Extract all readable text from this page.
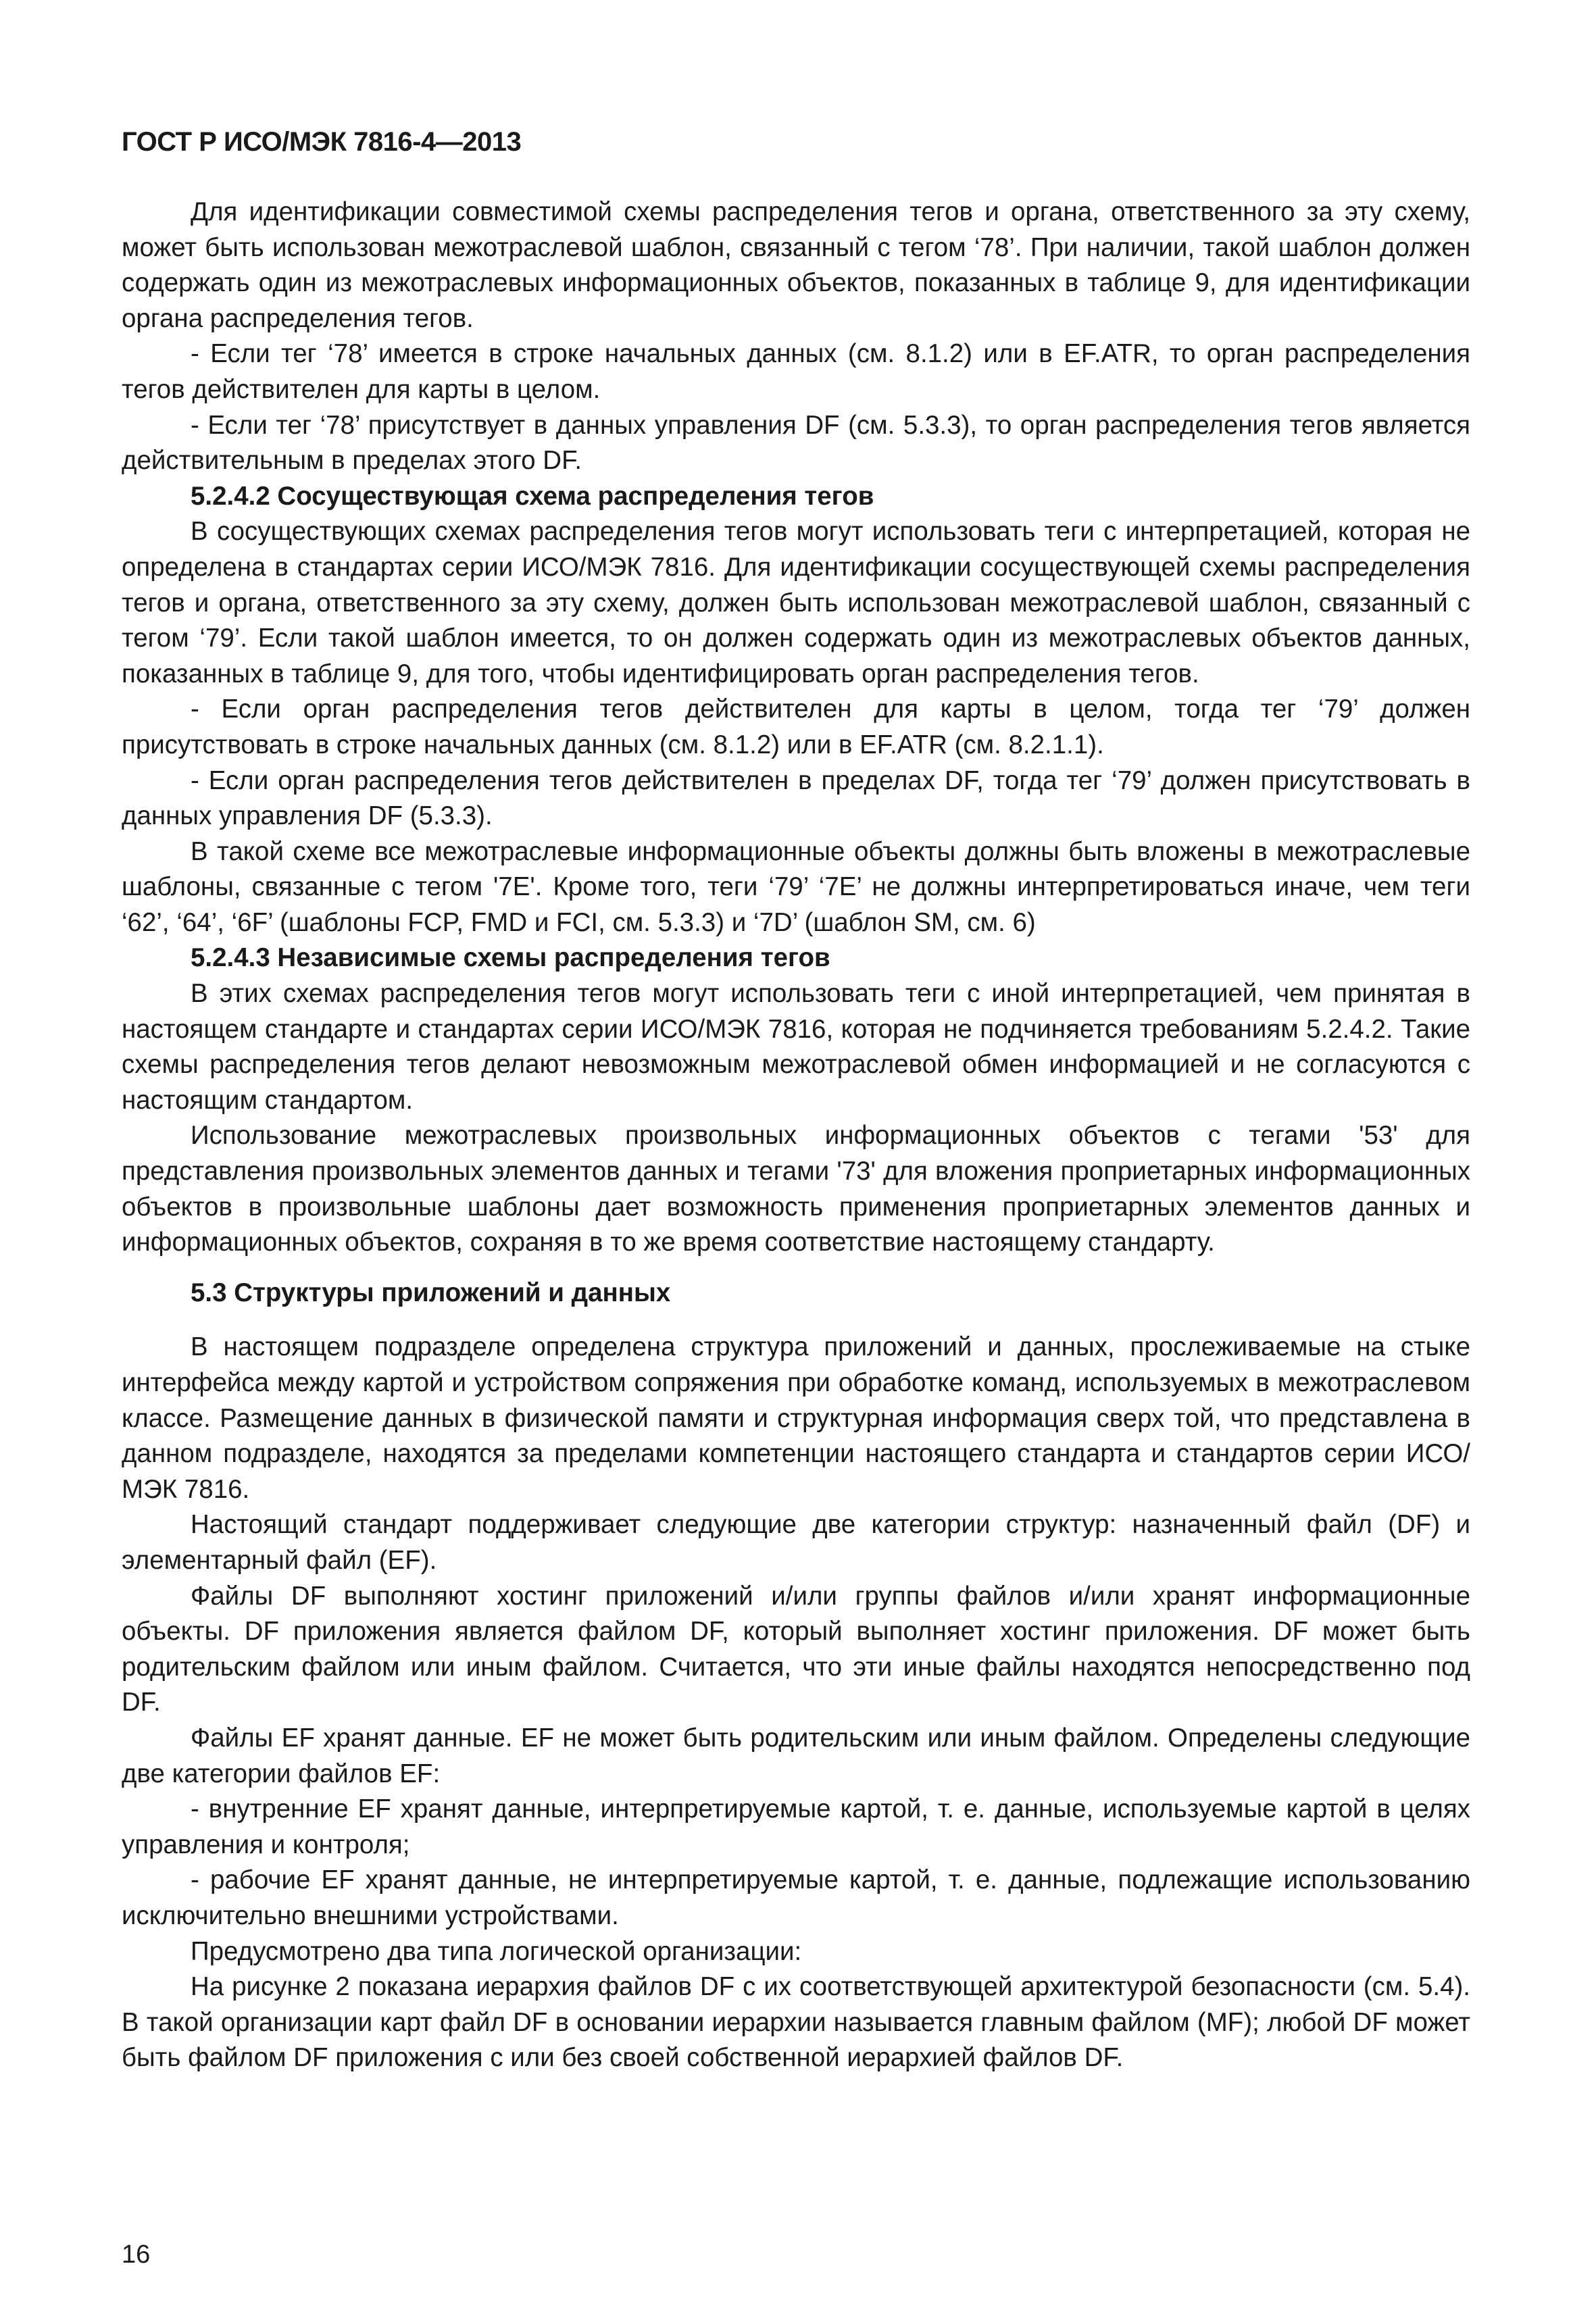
ГОСТ Р ИСО/МЭК 7816-4—2013

Для идентификации совместимой схемы распределения тегов и органа, ответственного за эту схему, может быть использован межотраслевой шаблон, связанный с тегом ‘78’. При наличии, такой шаблон должен содержать один из межотраслевых информационных объектов, показанных в таблице 9, для идентификации органа распределения тегов.

- Если тег ‘78’ имеется в строке начальных данных (см. 8.1.2) или в EF.ATR, то орган распределения тегов действителен для карты в целом.

- Если тег ‘78’ присутствует в данных управления DF (см. 5.3.3), то орган распределения тегов является действительным в пределах этого DF.

5.2.4.2 Сосуществующая схема распределения тегов

В сосуществующих схемах распределения тегов могут использовать теги с интерпретацией, которая не определена в стандартах серии ИСО/МЭК 7816. Для идентификации сосуществующей схемы распределения тегов и органа, ответственного за эту схему, должен быть использован межотраслевой шаблон, связанный с тегом ‘79’. Если такой шаблон имеется, то он должен содержать один из межотраслевых объектов данных, показанных в таблице 9, для того, чтобы идентифицировать орган распределения тегов.

- Если орган распределения тегов действителен для карты в целом, тогда тег ‘79’ должен присутствовать в строке начальных данных (см. 8.1.2) или в EF.ATR (см. 8.2.1.1).

- Если орган распределения тегов действителен в пределах DF, тогда тег ‘79’ должен присутствовать в данных управления DF (5.3.3).

В такой схеме все межотраслевые информационные объекты должны быть вложены в межотраслевые шаблоны, связанные с тегом '7E'. Кроме того, теги ‘79’ ‘7E’ не должны интерпретироваться иначе, чем теги ‘62’, ‘64’, ‘6F’ (шаблоны FCP, FMD и FCI, см. 5.3.3) и ‘7D’ (шаблон SM, см. 6)

5.2.4.3 Независимые схемы распределения тегов

В этих схемах распределения тегов могут использовать теги с иной интерпретацией, чем принятая в настоящем стандарте и стандартах серии ИСО/МЭК 7816, которая не подчиняется требованиям 5.2.4.2. Такие схемы распределения тегов делают невозможным межотраслевой обмен информацией и не согласуются с настоящим стандартом.

Использование межотраслевых произвольных информационных объектов с тегами '53' для представления произвольных элементов данных и тегами '73' для вложения проприетарных информационных объектов в произвольные шаблоны дает возможность применения проприетарных элементов данных и информационных объектов, сохраняя в то же время соответствие настоящему стандарту.

5.3 Структуры приложений и данных

В настоящем подразделе определена структура приложений и данных, прослеживаемые на стыке интерфейса между картой и устройством сопряжения при обработке команд, используемых в межотраслевом классе. Размещение данных в физической памяти и структурная информация сверх той, что представлена в данном подразделе, находятся за пределами компетенции настоящего стандарта и стандартов серии ИСО/МЭК 7816.

Настоящий стандарт поддерживает следующие две категории структур: назначенный файл (DF) и элементарный файл (EF).

Файлы DF выполняют хостинг приложений и/или группы файлов и/или хранят информационные объекты. DF приложения является файлом DF, который выполняет хостинг приложения. DF может быть родительским файлом или иным файлом. Считается, что эти иные файлы находятся непосредственно под DF.

Файлы EF хранят данные. EF не может быть родительским или иным файлом. Определены следующие две категории файлов EF:

- внутренние EF хранят данные, интерпретируемые картой, т. е. данные, используемые картой в целях управления и контроля;

- рабочие EF хранят данные, не интерпретируемые картой, т. е. данные, подлежащие использованию исключительно внешними устройствами.

Предусмотрено два типа логической организации:

На рисунке 2 показана иерархия файлов DF с их соответствующей архитектурой безопасности (см. 5.4). В такой организации карт файл DF в основании иерархии называется главным файлом (MF); любой DF может быть файлом DF приложения с или без своей собственной иерархией файлов DF.

16
